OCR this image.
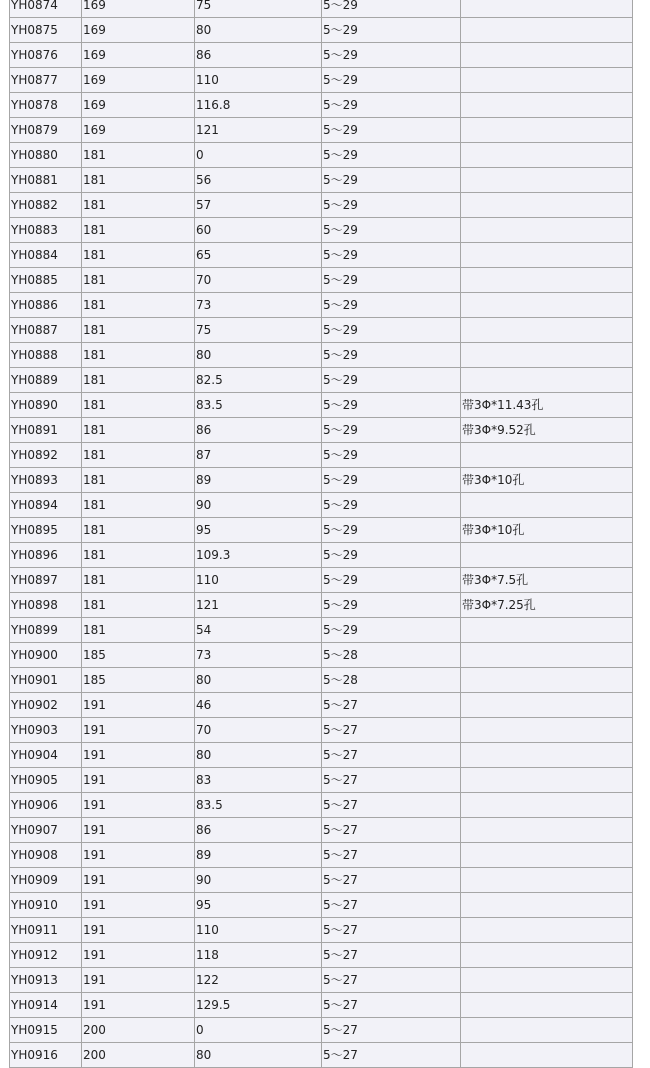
YH0874	169	75	5～29	
YH0875	169	80	5～29	
YH0876	169	86	5～29	
YH0877	169	110	5～29	
YH0878	169	116.8	5～29	
YH0879	169	121	5～29	
YH0880	181	0	5～29	
YH0881	181	56	5～29	
YH0882	181	57	5～29	
YH0883	181	60	5～29	
YH0884	181	65	5～29	
YH0885	181	70	5～29	
YH0886	181	73	5～29	
YH0887	181	75	5～29	
YH0888	181	80	5～29	
YH0889	181	82.5	5～29	
YH0890	181	83.5	5～29	带3Φ*11.43孔
YH0891	181	86	5～29	带3Φ*9.52孔
YH0892	181	87	5～29	
YH0893	181	89	5～29	带3Φ*10孔
YH0894	181	90	5～29	
YH0895	181	95	5～29	带3Φ*10孔
YH0896	181	109.3	5～29	
YH0897	181	110	5～29	带3Φ*7.5孔
YH0898	181	121	5～29	带3Φ*7.25孔
YH0899	181	54	5～29	
YH0900	185	73	5～28	
YH0901	185	80	5～28	
YH0902	191	46	5～27	
YH0903	191	70	5～27	
YH0904	191	80	5～27	
YH0905	191	83	5～27	
YH0906	191	83.5	5～27	
YH0907	191	86	5～27	
YH0908	191	89	5～27	
YH0909	191	90	5～27	
YH0910	191	95	5～27	
YH0911	191	110	5～27	
YH0912	191	118	5～27	
YH0913	191	122	5～27	
YH0914	191	129.5	5～27	
YH0915	200	0	5～27	
YH0916	200	80	5～27	
